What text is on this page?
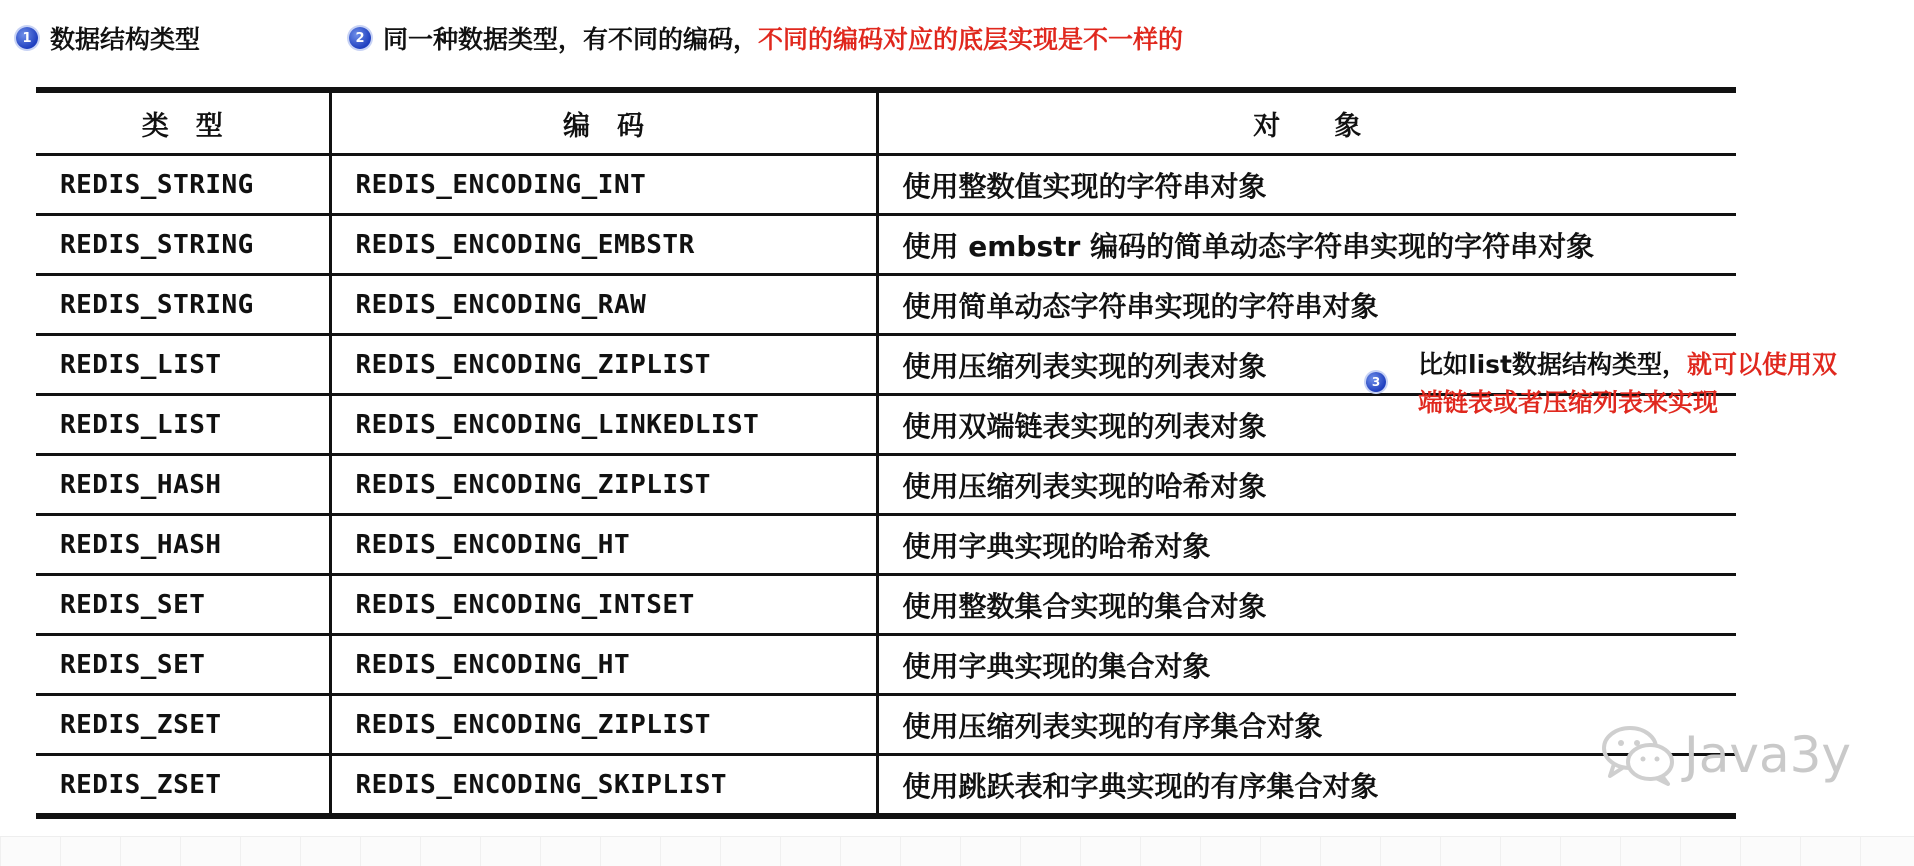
1 数据结构类型	2 同一种数据类型，有不同的编码， 不同的编码对应的底层实现是不一样的
类　型	编　码	对　　象
REDIS_STRING	REDIS_ENCODING_INT	使用整数值实现的字符串对象
REDIS_STRING	REDIS_ENCODING_EMBSTR	使用 embstr 编码的简单动态字符串实现的字符串对象
REDIS_STRING	REDIS_ENCODING_RAW	使用简单动态字符串实现的字符串对象
REDIS_LIST	REDIS_ENCODING_ZIPLIST	使用压缩列表实现的列表对象
REDIS_LIST	REDIS_ENCODING_LINKEDLIST	使用双端链表实现的列表对象
REDIS_HASH	REDIS_ENCODING_ZIPLIST	使用压缩列表实现的哈希对象
REDIS_HASH	REDIS_ENCODING_HT	使用字典实现的哈希对象
REDIS_SET	REDIS_ENCODING_INTSET	使用整数集合实现的集合对象
REDIS_SET	REDIS_ENCODING_HT	使用字典实现的集合对象
REDIS_ZSET	REDIS_ENCODING_ZIPLIST	使用压缩列表实现的有序集合对象
REDIS_ZSET	REDIS_ENCODING_SKIPLIST	使用跳跃表和字典实现的有序集合对象
3
比如list数据结构类型，就可以使用双
端链表或者压缩列表来实现
Java3y
